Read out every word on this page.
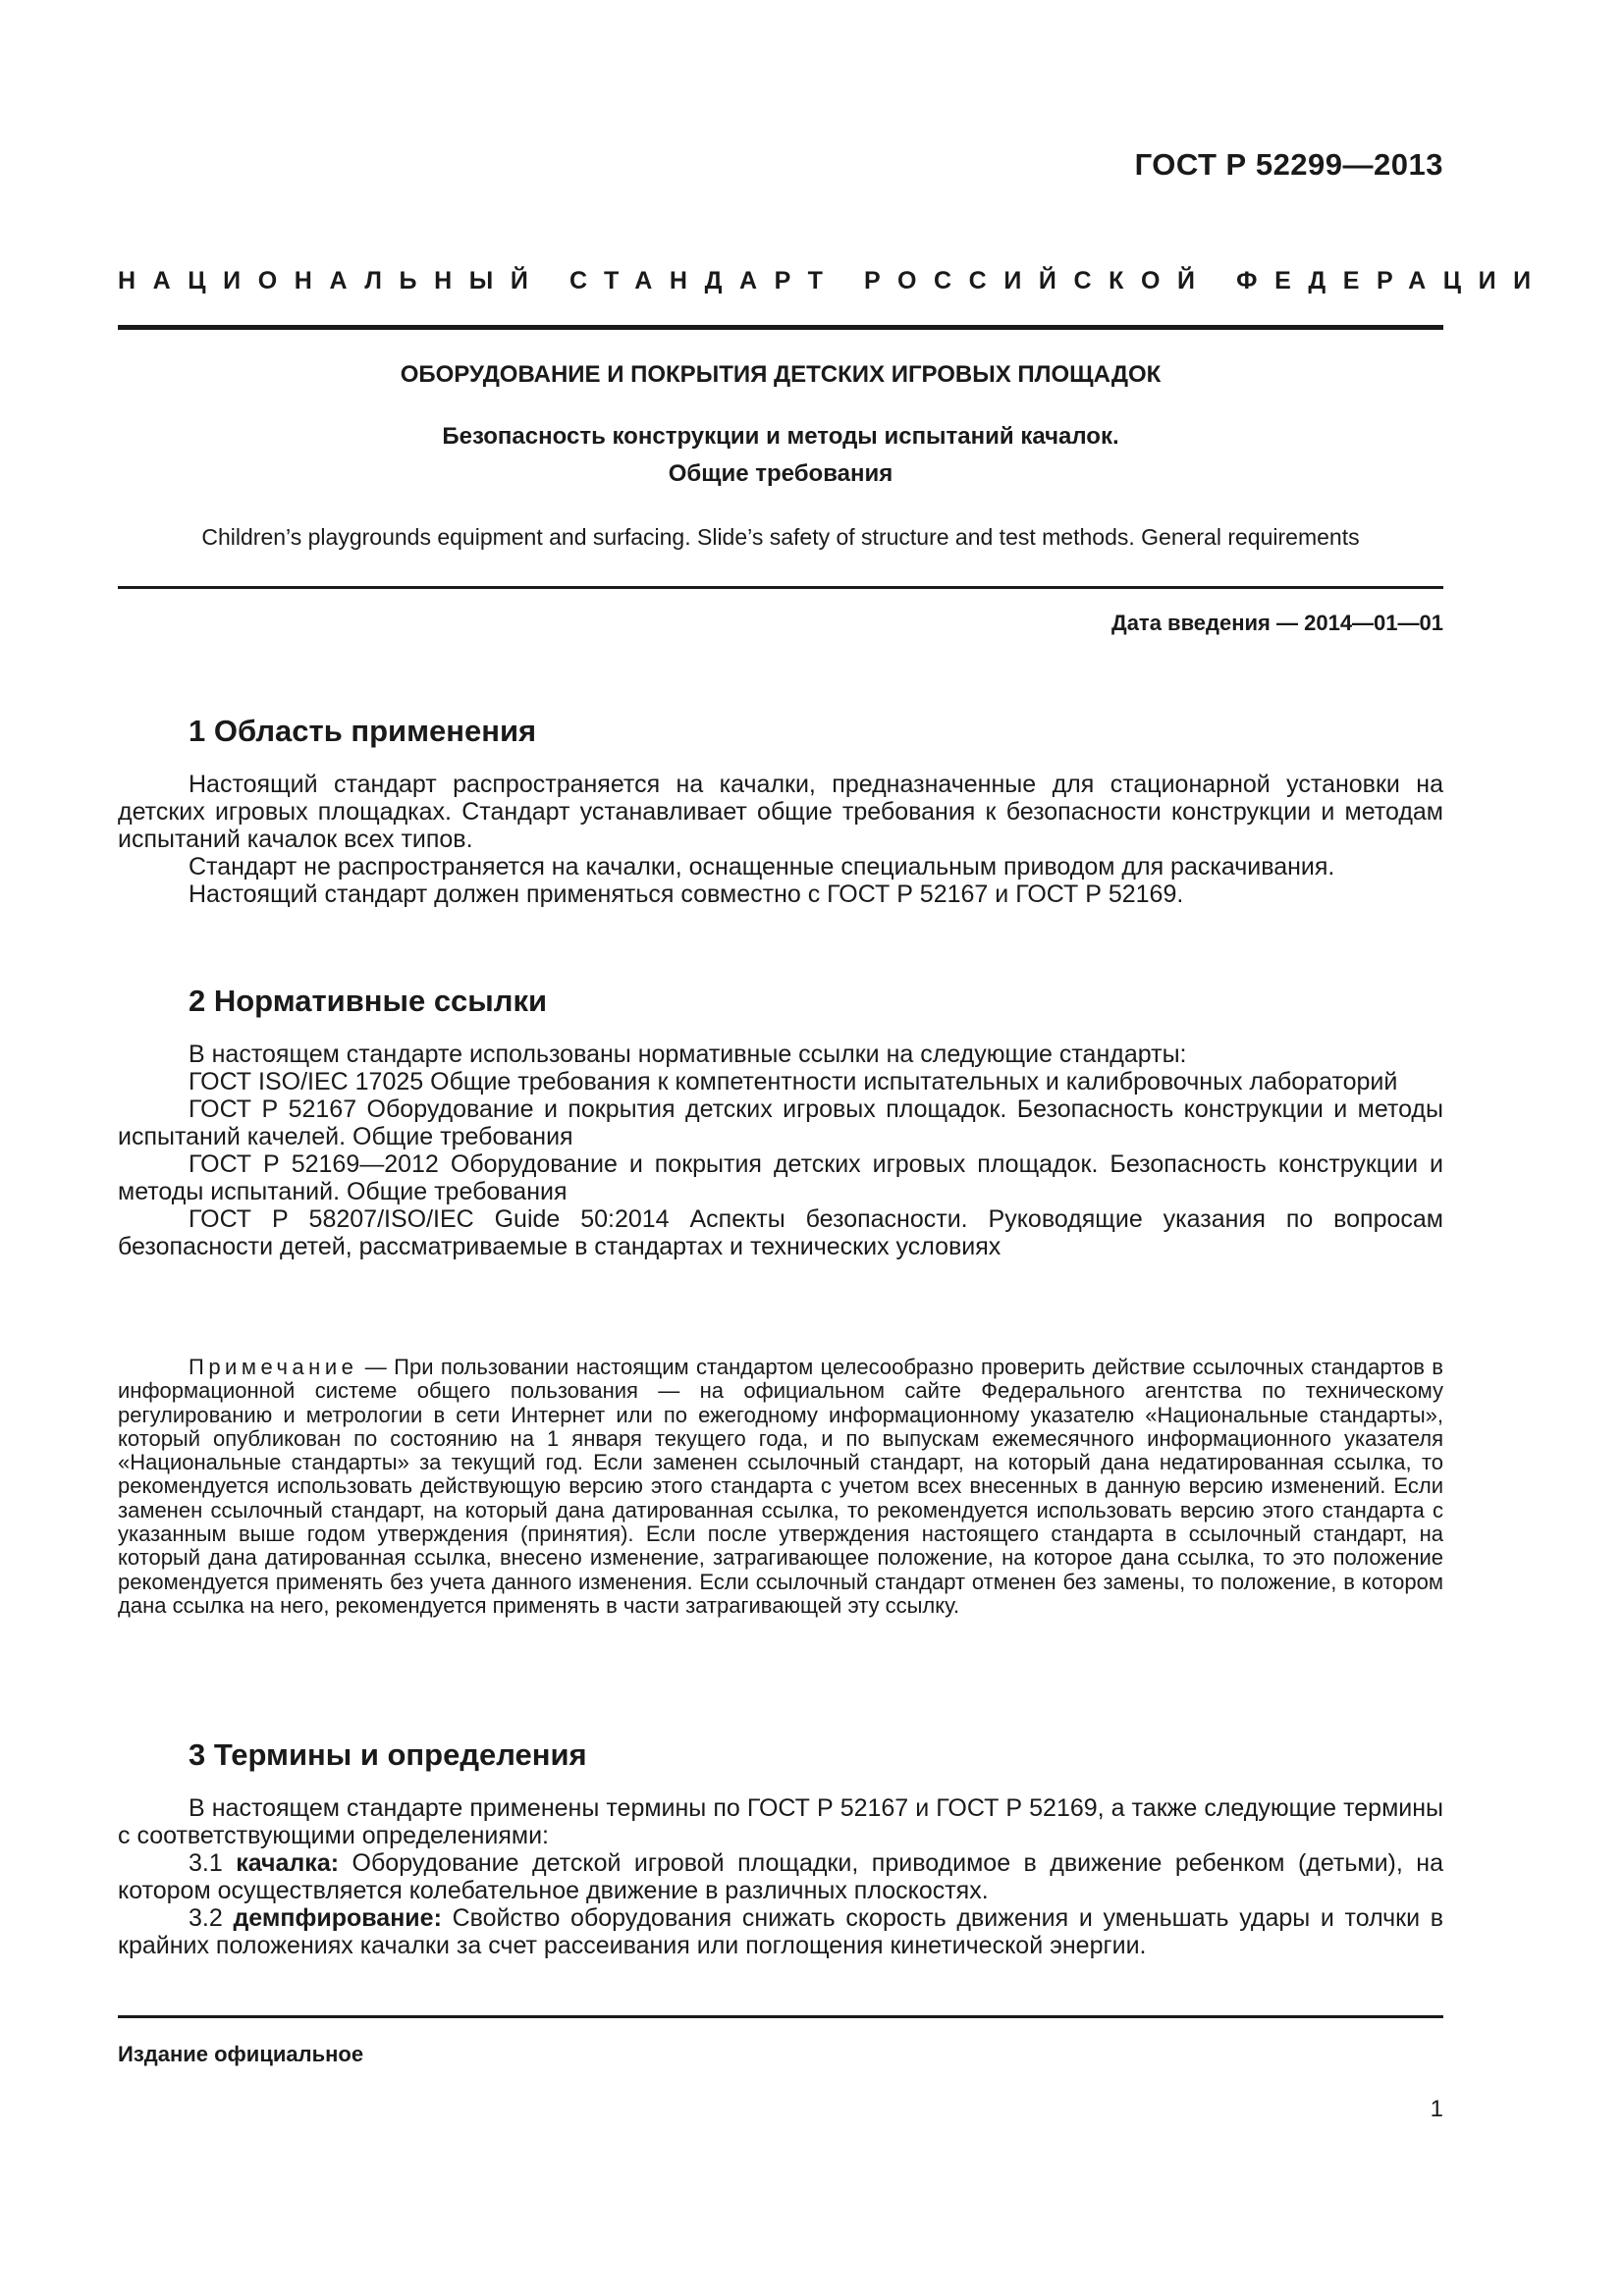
ГОСТ Р 52299—2013
НАЦИОНАЛЬНЫЙ СТАНДАРТ РОССИЙСКОЙ ФЕДЕРАЦИИ
ОБОРУДОВАНИЕ И ПОКРЫТИЯ ДЕТСКИХ ИГРОВЫХ ПЛОЩАДОК
Безопасность конструкции и методы испытаний качалок.
Общие требования
Children’s playgrounds equipment and surfacing. Slide’s safety of structure and test methods. General requirements
Дата введения — 2014—01—01
1 Область применения

Настоящий стандарт распространяется на качалки, предназначенные для стационарной установки на детских игровых площадках. Стандарт устанавливает общие требования к безопасности конструкции и методам испытаний качалок всех типов.

Стандарт не распространяется на качалки, оснащенные специальным приводом для раскачивания.

Настоящий стандарт должен применяться совместно с ГОСТ Р 52167 и ГОСТ Р 52169.

2 Нормативные ссылки

В настоящем стандарте использованы нормативные ссылки на следующие стандарты:

ГОСТ ISO/IEC 17025 Общие требования к компетентности испытательных и калибровочных лабораторий

ГОСТ Р 52167 Оборудование и покрытия детских игровых площадок. Безопасность конструкции и методы испытаний качелей. Общие требования

ГОСТ Р 52169—2012 Оборудование и покрытия детских игровых площадок. Безопасность конструкции и методы испытаний. Общие требования

ГОСТ Р 58207/ISO/IEC Guide 50:2014 Аспекты безопасности. Руководящие указания по вопросам безопасности детей, рассматриваемые в стандартах и технических условиях

Примечание — При пользовании настоящим стандартом целесообразно проверить действие ссылочных стандартов в информационной системе общего пользования — на официальном сайте Федерального агентства по техническому регулированию и метрологии в сети Интернет или по ежегодному информационному указателю «Национальные стандарты», который опубликован по состоянию на 1 января текущего года, и по выпускам ежемесячного информационного указателя «Национальные стандарты» за текущий год. Если заменен ссылочный стандарт, на который дана недатированная ссылка, то рекомендуется использовать действующую версию этого стандарта с учетом всех внесенных в данную версию изменений. Если заменен ссылочный стандарт, на который дана датированная ссылка, то рекомендуется использовать версию этого стандарта с указанным выше годом утверждения (принятия). Если после утверждения настоящего стандарта в ссылочный стандарт, на который дана датированная ссылка, внесено изменение, затрагивающее положение, на которое дана ссылка, то это положение рекомендуется применять без учета данного изменения. Если ссылочный стандарт отменен без замены, то положение, в котором дана ссылка на него, рекомендуется применять в части затрагивающей эту ссылку.

3 Термины и определения

В настоящем стандарте применены термины по ГОСТ Р 52167 и ГОСТ Р 52169, а также следующие термины с соответствующими определениями:

3.1 качалка: Оборудование детской игровой площадки, приводимое в движение ребенком (детьми), на котором осуществляется колебательное движение в различных плоскостях.

3.2 демпфирование: Свойство оборудования снижать скорость движения и уменьшать удары и толчки в крайних положениях качалки за счет рассеивания или поглощения кинетической энергии.

Издание официальное
1
